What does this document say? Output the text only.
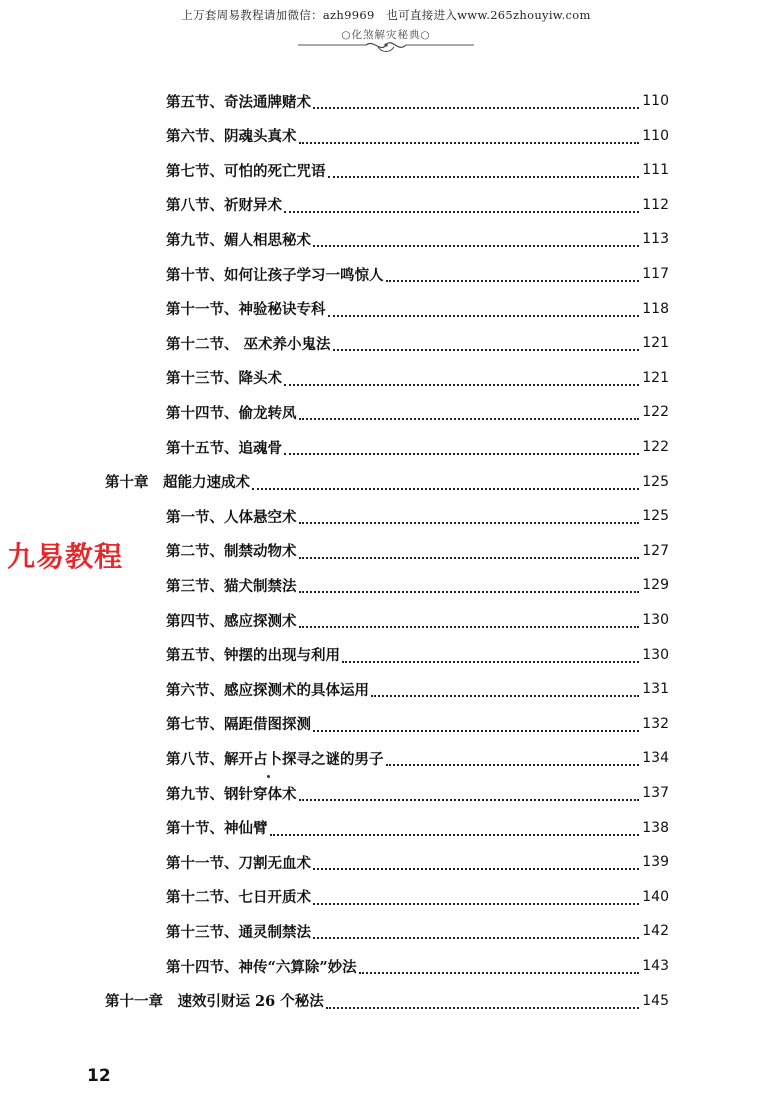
上万套周易教程请加微信：azh9969　也可直接进入www.265zhouyiw.com
○化煞解灾秘典○
九易教程
第五节、奇法通牌赌术	110
第六节、阴魂头真术	110
第七节、可怕的死亡咒语	111
第八节、祈财异术	112
第九节、媚人相思秘术	113
第十节、如何让孩子学习一鸣惊人	117
第十一节、神验秘诀专科	118
第十二节、 巫术养小鬼法	121
第十三节、降头术	121
第十四节、偷龙转凤	122
第十五节、追魂骨	122
第十章　超能力速成术	125
第一节、人体悬空术	125
第二节、制禁动物术	127
第三节、猫犬制禁法	129
第四节、感应探测术	130
第五节、钟摆的出现与利用	130
第六节、感应探测术的具体运用	131
第七节、隔距借图探测	132
第八节、解开占卜探寻之谜的男子	134
第九节、钢针穿体术	137
第十节、神仙臂	138
第十一节、刀割无血术	139
第十二节、七日开质术	140
第十三节、通灵制禁法	142
第十四节、神传“六算除”妙法	143
第十一章　速效引财运 26 个秘法	145
12
